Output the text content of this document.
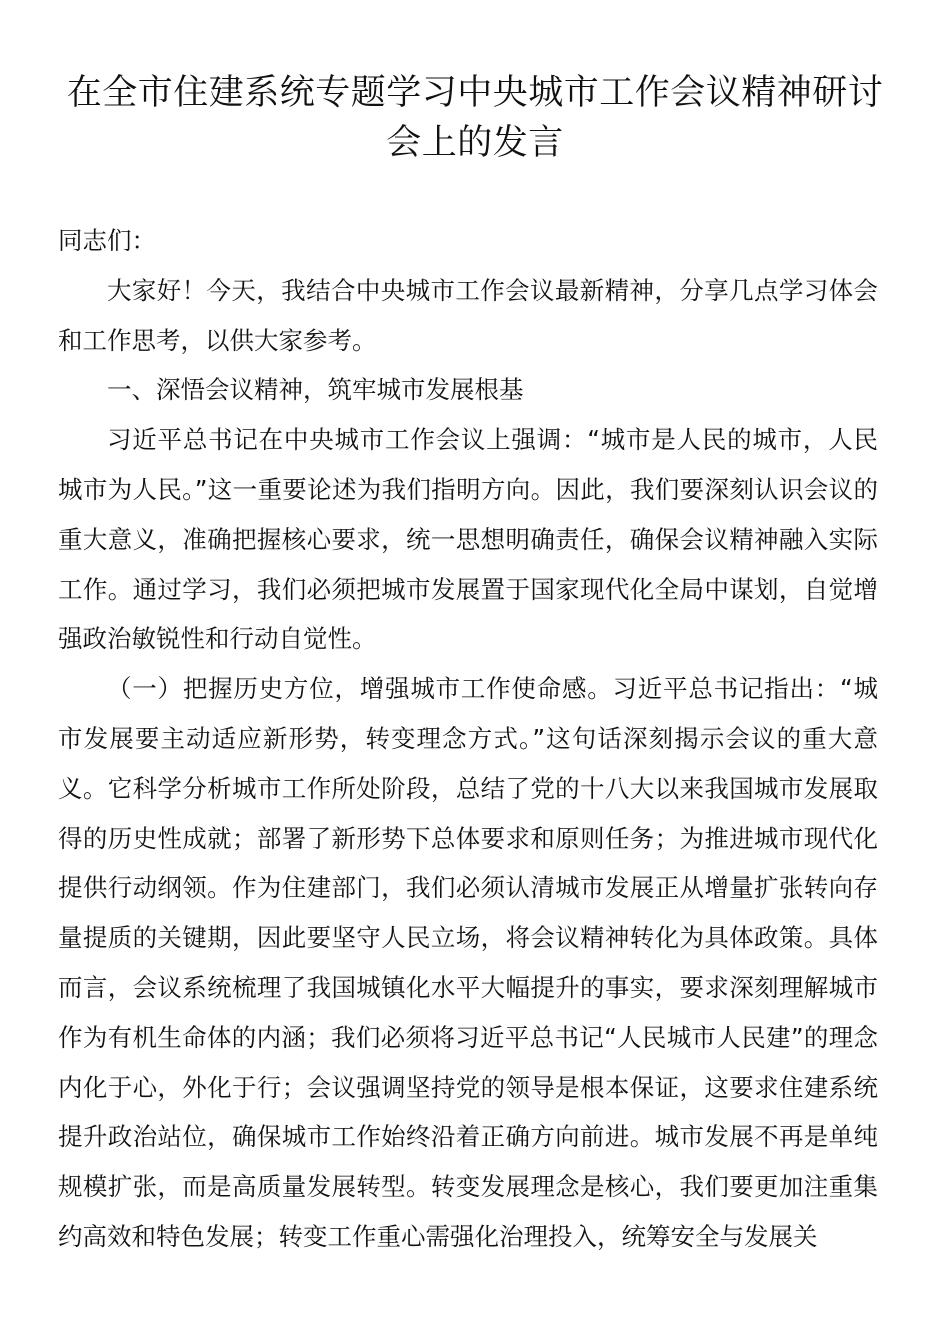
在全市住建系统专题学习中央城市工作会议精神研讨会上的发言

同志们：

大家好！今天，我结合中央城市工作会议最新精神，分享几点学习体会和工作思考，以供大家参考。

一、深悟会议精神，筑牢城市发展根基

习近平总书记在中央城市工作会议上强调：“城市是人民的城市，人民城市为人民。”这一重要论述为我们指明方向。因此，我们要深刻认识会议的重大意义，准确把握核心要求，统一思想明确责任，确保会议精神融入实际工作。通过学习，我们必须把城市发展置于国家现代化全局中谋划，自觉增强政治敏锐性和行动自觉性。

（一）把握历史方位，增强城市工作使命感。习近平总书记指出：“城市发展要主动适应新形势，转变理念方式。”这句话深刻揭示会议的重大意义。它科学分析城市工作所处阶段，总结了党的十八大以来我国城市发展取得的历史性成就；部署了新形势下总体要求和原则任务；为推进城市现代化提供行动纲领。作为住建部门，我们必须认清城市发展正从增量扩张转向存量提质的关键期，因此要坚守人民立场，将会议精神转化为具体政策。具体而言，会议系统梳理了我国城镇化水平大幅提升的事实，要求深刻理解城市作为有机生命体的内涵；我们必须将习近平总书记“人民城市人民建”的理念内化于心，外化于行；会议强调坚持党的领导是根本保证，这要求住建系统提升政治站位，确保城市工作始终沿着正确方向前进。城市发展不再是单纯规模扩张，而是高质量发展转型。转变发展理念是核心，我们要更加注重集约高效和特色发展；转变工作重心需强化治理投入，统筹安全与发展关
